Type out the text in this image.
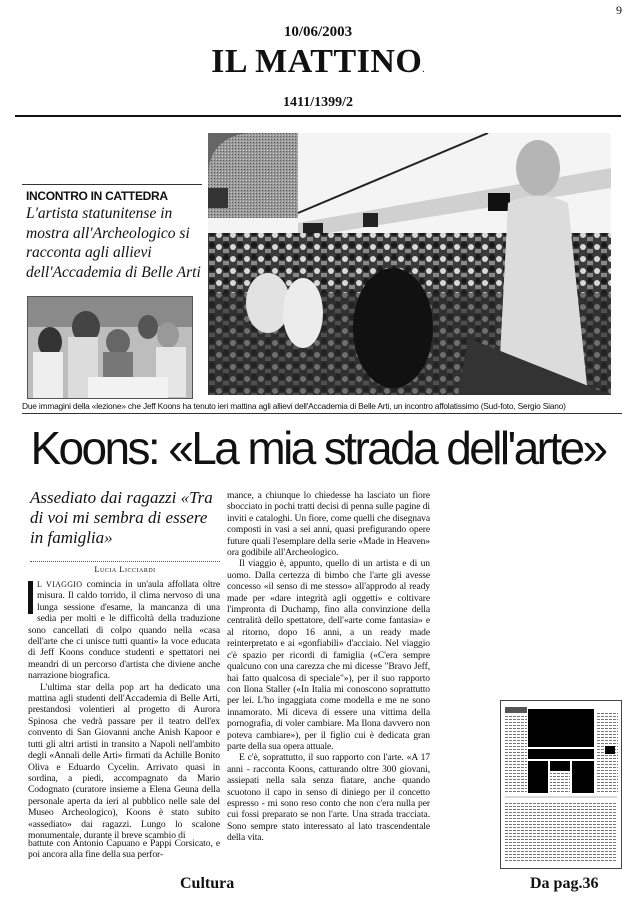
9
10/06/2003
IL MATTINO.
1411/1399/2
INCONTRO IN CATTEDRA
L'artista statunitense in mostra all'Archeologico si racconta agli allievi dell'Accademia di Belle Arti
Due immagini della «lezione» che Jeff Koons ha tenuto ieri mattina agli allievi dell'Accademia di Belle Arti, un incontro affolatissimo (Sud-foto, Sergio Siano)
Koons: «La mia strada dell'arte»
Assediato dai ragazzi «Tra di voi mi sembra di essere in famiglia»
Lucia Licciardi

L VIAGGIO comincia in un'aula affollata oltre misura. Il caldo torrido, il clima nervoso di una lunga sessione d'esame, la mancanza di una sedia per molti e le difficoltà della traduzione sono cancellati di colpo quando nella «casa dell'arte che ci unisce tutti quanti» la voce educata di Jeff Koons conduce studenti e spettatori nei meandri di un percorso d'artista che diviene anche narrazione biografica.

L'ultima star della pop art ha dedicato una mattina agli studenti dell'Accademia di Belle Arti, prestandosi volentieri al progetto di Aurora Spinosa che vedrà passare per il teatro dell'ex convento di San Giovanni anche Anish Kapoor e tutti gli altri artisti in transito a Napoli nell'ambito degli «Annali delle Arti» firmati da Achille Bonito Oliva e Eduardo Cycelin. Arrivato quasi in sordina, a piedi, accompagnato da Mario Codognato (curatore insieme a Elena Geuna della personale aperta da ieri al pubblico nelle sale del Museo Archeologico), Koons è stato subito «assediato» dai ragazzi. Lungo lo scalone monumentale, durante il breve scambio di

battute con Antonio Capuano e Pappi Corsicato, e poi ancora alla fine della sua perfor-

mance, a chiunque lo chiedesse ha lasciato un fiore sbocciato in pochi tratti decisi di penna sulle pagine di inviti e cataloghi. Un fiore, come quelli che disegnava composti in vasi a sei anni, quasi prefigurando opere future quali l'esemplare della serie «Made in Heaven» ora godibile all'Archeologico.

Il viaggio è, appunto, quello di un artista e di un uomo. Dalla certezza di bimbo che l'arte gli avesse concesso «il senso di me stesso» all'approdo al ready made per «dare integrità agli oggetti» e coltivare l'impronta di Duchamp, fino alla convinzione della centralità dello spettatore, dell'«arte come fantasia» e al ritorno, dopo 16 anni, a un ready made reinterpretato e ai «gonfiabili» d'acciaio. Nel viaggio c'è spazio per ricordi di famiglia («C'era sempre qualcuno con una carezza che mi dicesse "Bravo Jeff, hai fatto qualcosa di speciale"»), per il suo rapporto con Ilona Staller («In Italia mi conoscono soprattutto per lei. L'ho ingaggiata come modella e me ne sono innamorato. Mi diceva di essere una vittima della pornografia, di voler cambiare. Ma Ilona davvero non poteva cambiare»), per il figlio cui è dedicata gran parte della sua opera attuale.

E c'è, soprattutto, il suo rapporto con l'arte. «A 17 anni - racconta Koons, catturando oltre 300 giovani, assiepati nella sala senza fiatare, anche quando scuotono il capo in senso di diniego per il concetto espresso - mi sono reso conto che non c'era nulla per cui fossi preparato se non l'arte. Una strada tracciata. Sono sempre stato interessato al lato trascendentale della vita.

Cultura	Da pag.36
